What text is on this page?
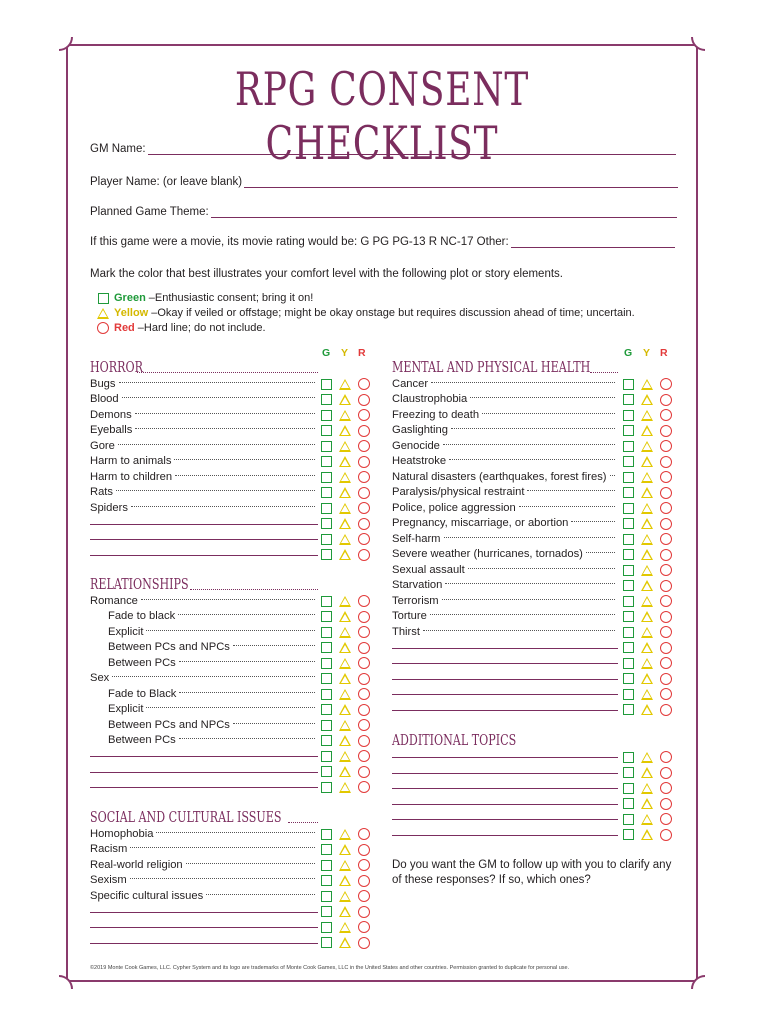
RPG CONSENT CHECKLIST
GM Name:
Player Name: (or leave blank)
Planned Game Theme:
If this game were a movie, its movie rating would be: G PG PG-13 R NC-17 Other:
Mark the color that best illustrates your comfort level with the following plot or story elements.
Green – Enthusiastic consent; bring it on!
Yellow – Okay if veiled or offstage; might be okay onstage but requires discussion ahead of time; uncertain.
Red – Hard line; do not include.
G Y R	G Y R
HORROR
Bugs
Blood
Demons
Eyeballs
Gore
Harm to animals
Harm to children
Rats
Spiders
RELATIONSHIPS
Romance
Fade to black
Explicit
Between PCs and NPCs
Between PCs
Sex
Fade to Black
Explicit
Between PCs and NPCs
Between PCs
SOCIAL AND CULTURAL ISSUES
Homophobia
Racism
Real-world religion
Sexism
Specific cultural issues
MENTAL AND PHYSICAL HEALTH
Cancer
Claustrophobia
Freezing to death
Gaslighting
Genocide
Heatstroke
Natural disasters (earthquakes, forest fires)
Paralysis/physical restraint
Police, police aggression
Pregnancy, miscarriage, or abortion
Self-harm
Severe weather (hurricanes, tornados)
Sexual assault
Starvation
Terrorism
Torture
Thirst
ADDITIONAL TOPICS
Do you want the GM to follow up with you to clarify any of these responses? If so, which ones?
©2019 Monte Cook Games, LLC. Cypher System and its logo are trademarks of Monte Cook Games, LLC in the United States and other countries. Permission granted to duplicate for personal use.
